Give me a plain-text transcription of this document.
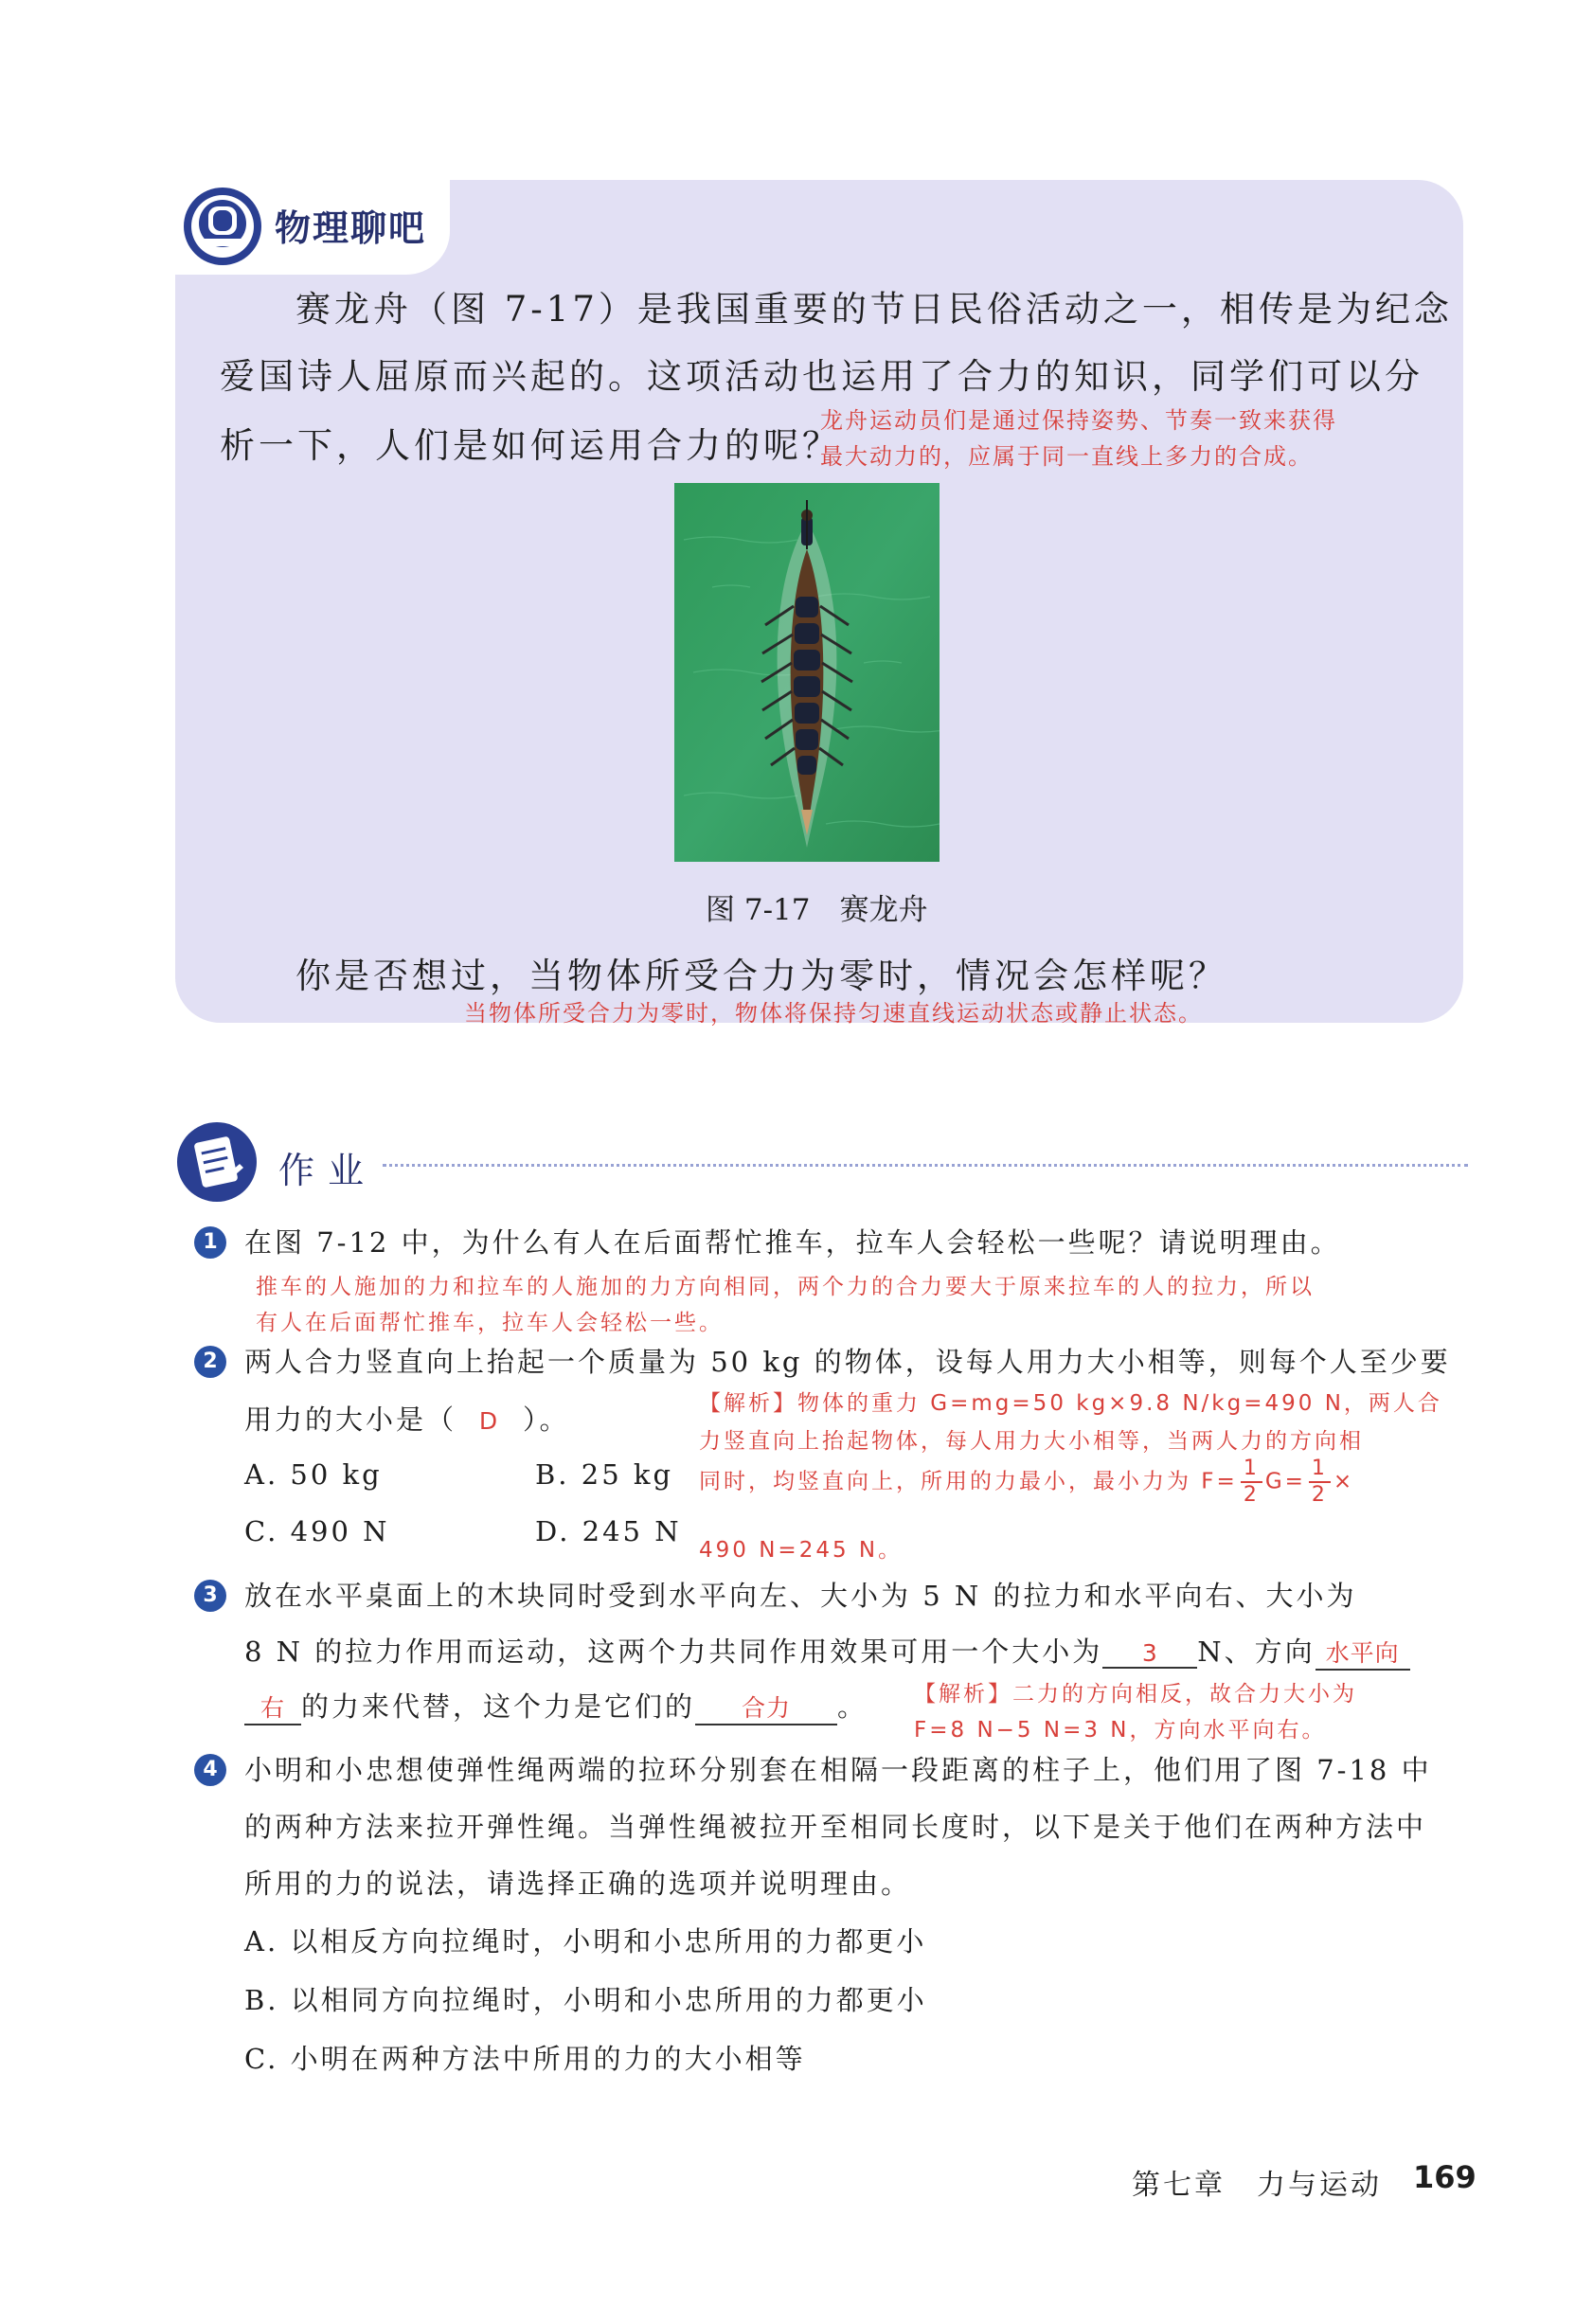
物理聊吧
赛龙舟（图 7-17）是我国重要的节日民俗活动之一，相传是为纪念
爱国诗人屈原而兴起的。这项活动也运用了合力的知识，同学们可以分
析一下，人们是如何运用合力的呢？
龙舟运动员们是通过保持姿势、节奏一致来获得
最大动力的，应属于同一直线上多力的合成。
图 7-17　赛龙舟
你是否想过，当物体所受合力为零时，情况会怎样呢？
当物体所受合力为零时，物体将保持匀速直线运动状态或静止状态。
作业
1 在图 7-12 中，为什么有人在后面帮忙推车，拉车人会轻松一些呢？请说明理由。
推车的人施加的力和拉车的人施加的力方向相同，两个力的合力要大于原来拉车的人的拉力，所以
有人在后面帮忙推车，拉车人会轻松一些。
2 两人合力竖直向上抬起一个质量为 50 kg 的物体，设每人用力大小相等，则每个人至少要
用力的大小是（ D ）。
A. 50 kg	B. 25 kg
C. 490 N	D. 245 N
【解析】物体的重力 G=mg=50 kg×9.8 N/kg=490 N，两人合
力竖直向上抬起物体，每人用力大小相等，当两人力的方向相
同时，均竖直向上，所用的力最小，最小力为 $F= \frac{1}{2} G= \frac{1}{2}$ ×
490 N=245 N。
3 放在水平桌面上的木块同时受到水平向左、大小为 5 N 的拉力和水平向右、大小为
8 N 的拉力作用而运动，这两个力共同作用效果可用一个大小为 3 N、方向 水平向
右 的力来代替，这个力是它们的 合力 。 【解析】二力的方向相反，故合力大小为
F=8 N−5 N=3 N，方向水平向右。
4 小明和小忠想使弹性绳两端的拉环分别套在相隔一段距离的柱子上，他们用了图 7-18 中
的两种方法来拉开弹性绳。当弹性绳被拉开至相同长度时，以下是关于他们在两种方法中
所用的力的说法，请选择正确的选项并说明理由。
A. 以相反方向拉绳时，小明和小忠所用的力都更小
B. 以相同方向拉绳时，小明和小忠所用的力都更小
C. 小明在两种方法中所用的力的大小相等
第七章　力与运动 169
